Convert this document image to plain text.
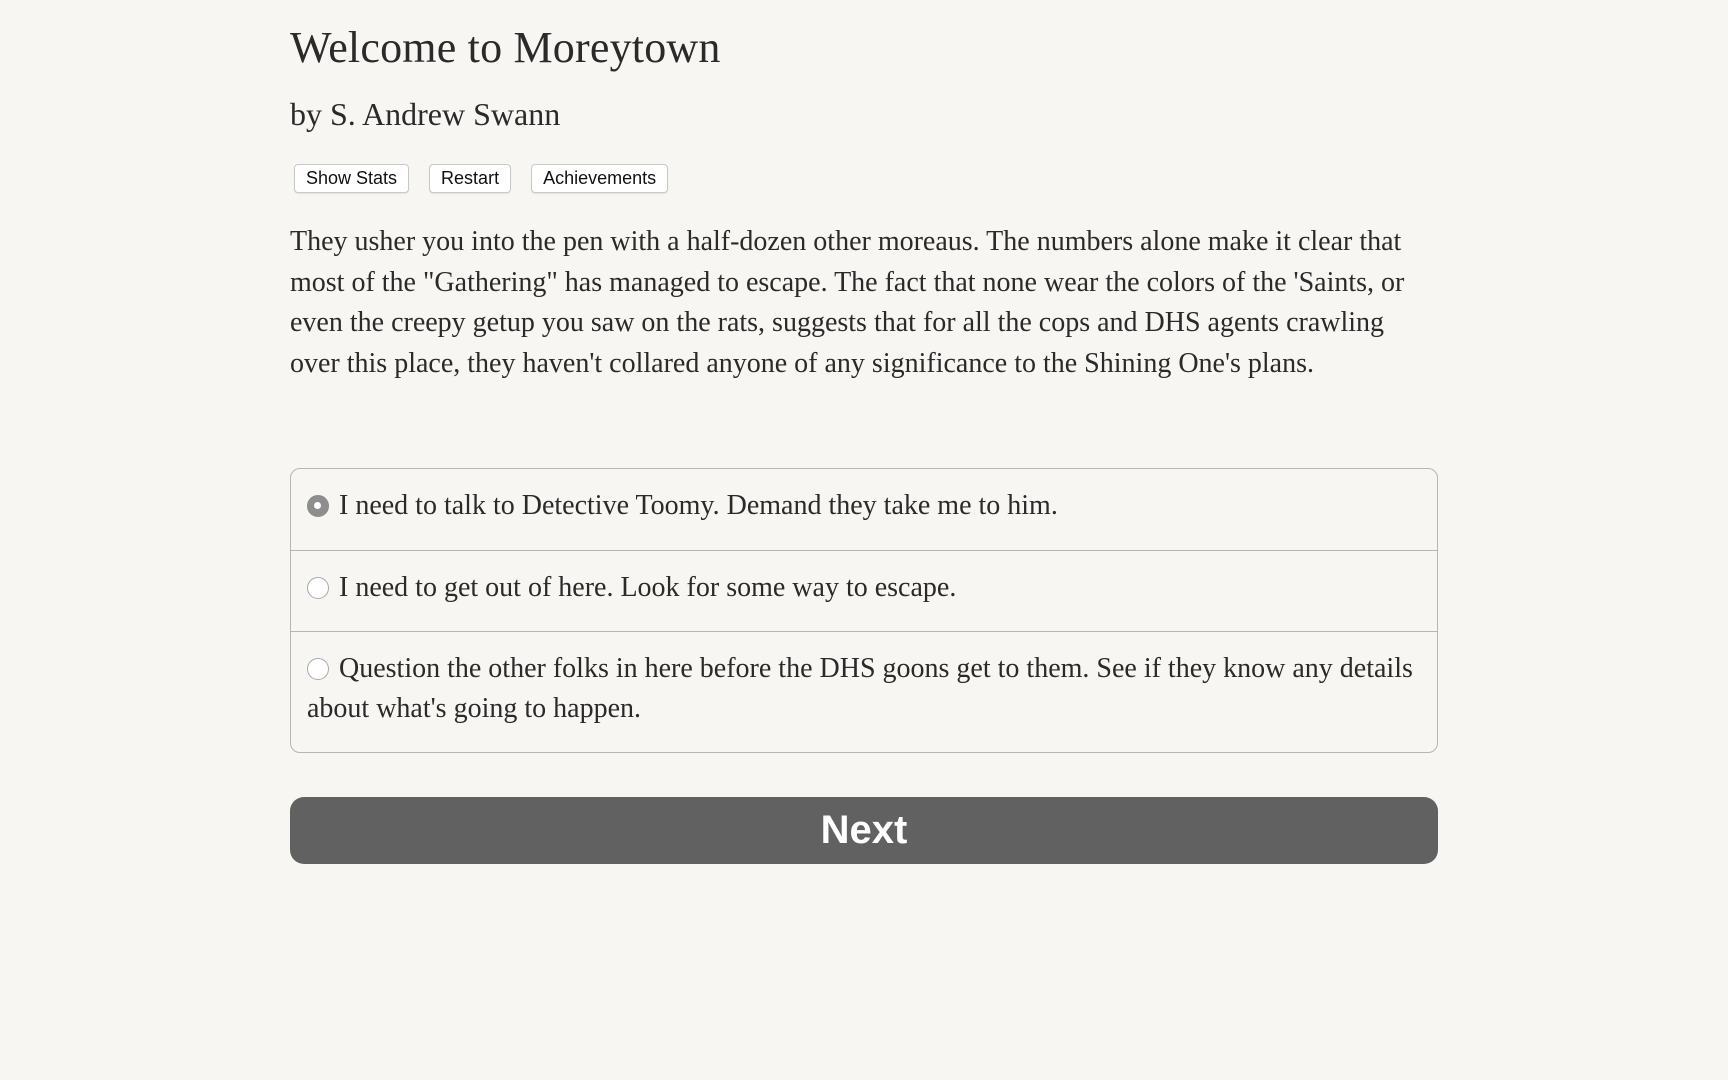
Welcome to Moreytown
by S. Andrew Swann
Show Stats	Restart	Achievements

They usher you into the pen with a half-dozen other moreaus. The numbers alone make it clear that most of the "Gathering" has managed to escape. The fact that none wear the colors of the 'Saints, or even the creepy getup you saw on the rats, suggests that for all the cops and DHS agents crawling over this place, they haven't collared anyone of any significance to the Shining One's plans.

I need to talk to Detective Toomy. Demand they take me to him.
I need to get out of here. Look for some way to escape.
Question the other folks in here before the DHS goons get to them. See if they know any details about what's going to happen.
Next
